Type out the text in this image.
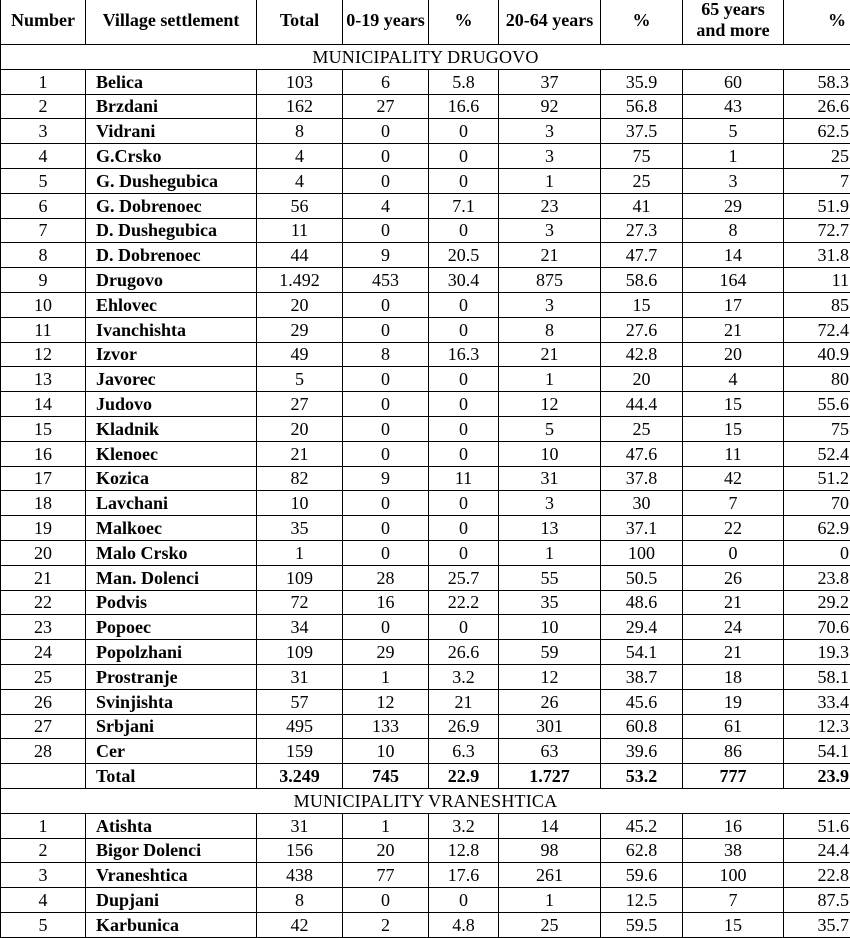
Number	Village settlement	Total	0-19 years	%	20-64 years	%	65 years and more	%
MUNICIPALITY DRUGOVO								
1	Belica	103	6	5.8	37	35.9	60	58.3
2	Brzdani	162	27	16.6	92	56.8	43	26.6
3	Vidrani	8	0	0	3	37.5	5	62.5
4	G.Crsko	4	0	0	3	75	1	25
5	G. Dushegubica	4	0	0	1	25	3	7
6	G. Dobrenoec	56	4	7.1	23	41	29	51.9
7	D. Dushegubica	11	0	0	3	27.3	8	72.7
8	D. Dobrenoec	44	9	20.5	21	47.7	14	31.8
9	Drugovo	1.492	453	30.4	875	58.6	164	11
10	Ehlovec	20	0	0	3	15	17	85
11	Ivanchishta	29	0	0	8	27.6	21	72.4
12	Izvor	49	8	16.3	21	42.8	20	40.9
13	Javorec	5	0	0	1	20	4	80
14	Judovo	27	0	0	12	44.4	15	55.6
15	Kladnik	20	0	0	5	25	15	75
16	Klenoec	21	0	0	10	47.6	11	52.4
17	Kozica	82	9	11	31	37.8	42	51.2
18	Lavchani	10	0	0	3	30	7	70
19	Malkoec	35	0	0	13	37.1	22	62.9
20	Malo Crsko	1	0	0	1	100	0	0
21	Man. Dolenci	109	28	25.7	55	50.5	26	23.8
22	Podvis	72	16	22.2	35	48.6	21	29.2
23	Popoec	34	0	0	10	29.4	24	70.6
24	Popolzhani	109	29	26.6	59	54.1	21	19.3
25	Prostranje	31	1	3.2	12	38.7	18	58.1
26	Svinjishta	57	12	21	26	45.6	19	33.4
27	Srbjani	495	133	26.9	301	60.8	61	12.3
28	Cer	159	10	6.3	63	39.6	86	54.1
	Total	3.249	745	22.9	1.727	53.2	777	23.9
MUNICIPALITY VRANESHTICA								
1	Atishta	31	1	3.2	14	45.2	16	51.6
2	Bigor Dolenci	156	20	12.8	98	62.8	38	24.4
3	Vraneshtica	438	77	17.6	261	59.6	100	22.8
4	Dupjani	8	0	0	1	12.5	7	87.5
5	Karbunica	42	2	4.8	25	59.5	15	35.7
